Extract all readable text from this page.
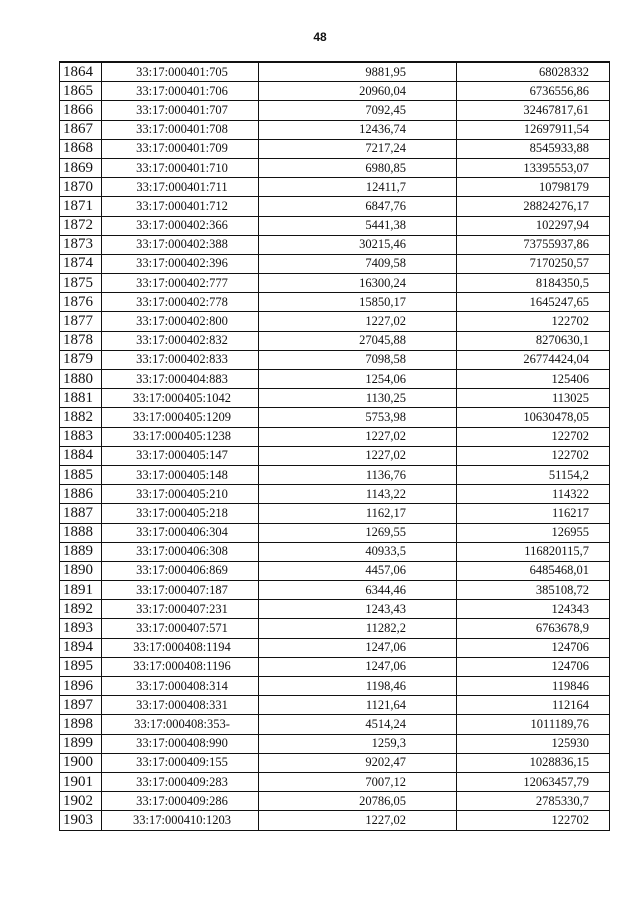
48
1864	33:17:000401:705	9881,95	68028332
1865	33:17:000401:706	20960,04	6736556,86
1866	33:17:000401:707	7092,45	32467817,61
1867	33:17:000401:708	12436,74	12697911,54
1868	33:17:000401:709	7217,24	8545933,88
1869	33:17:000401:710	6980,85	13395553,07
1870	33:17:000401:711	12411,7	10798179
1871	33:17:000401:712	6847,76	28824276,17
1872	33:17:000402:366	5441,38	102297,94
1873	33:17:000402:388	30215,46	73755937,86
1874	33:17:000402:396	7409,58	7170250,57
1875	33:17:000402:777	16300,24	8184350,5
1876	33:17:000402:778	15850,17	1645247,65
1877	33:17:000402:800	1227,02	122702
1878	33:17:000402:832	27045,88	8270630,1
1879	33:17:000402:833	7098,58	26774424,04
1880	33:17:000404:883	1254,06	125406
1881	33:17:000405:1042	1130,25	113025
1882	33:17:000405:1209	5753,98	10630478,05
1883	33:17:000405:1238	1227,02	122702
1884	33:17:000405:147	1227,02	122702
1885	33:17:000405:148	1136,76	51154,2
1886	33:17:000405:210	1143,22	114322
1887	33:17:000405:218	1162,17	116217
1888	33:17:000406:304	1269,55	126955
1889	33:17:000406:308	40933,5	116820115,7
1890	33:17:000406:869	4457,06	6485468,01
1891	33:17:000407:187	6344,46	385108,72
1892	33:17:000407:231	1243,43	124343
1893	33:17:000407:571	11282,2	6763678,9
1894	33:17:000408:1194	1247,06	124706
1895	33:17:000408:1196	1247,06	124706
1896	33:17:000408:314	1198,46	119846
1897	33:17:000408:331	1121,64	112164
1898	33:17:000408:353-	4514,24	1011189,76
1899	33:17:000408:990	1259,3	125930
1900	33:17:000409:155	9202,47	1028836,15
1901	33:17:000409:283	7007,12	12063457,79
1902	33:17:000409:286	20786,05	2785330,7
1903	33:17:000410:1203	1227,02	122702
